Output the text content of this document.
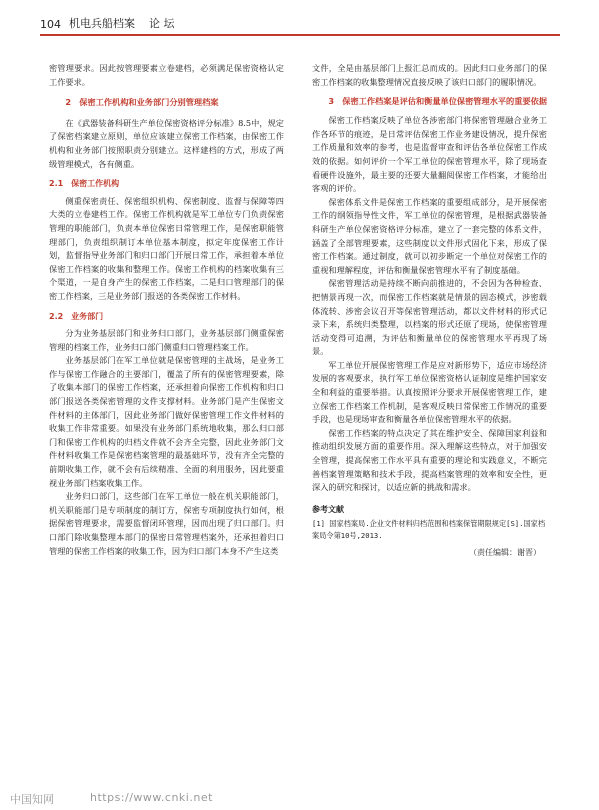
104 机电兵船档案 论 坛

密管理要求。因此按管理要素立卷建档，必须满足保密资格认定工作要求。

2　保密工作机构和业务部门分别管理档案

在《武器装备科研生产单位保密资格评分标准》8.5中，规定了保密档案建立原则，单位应该建立保密工作档案，由保密工作机构和业务部门按照职责分别建立。这样建档的方式，形成了两级管理模式，各有侧重。

2.1　保密工作机构

侧重保密责任、保密组织机构、保密制度、监督与保障等四大类的立卷建档工作。保密工作机构就是军工单位专门负责保密管理的职能部门，负责本单位保密日常管理工作，是保密职能管理部门，负责组织制订本单位基本制度，拟定年度保密工作计划，监督指导业务部门和归口部门开展日常工作，承担着本单位保密工作档案的收集和整理工作。保密工作机构的档案收集有三个渠道，一是自身产生的保密工作档案，二是归口管理部门的保密工作档案，三是业务部门报送的各类保密工作材料。

2.2　业务部门

分为业务基层部门和业务归口部门，业务基层部门侧重保密管理的档案工作，业务归口部门侧重归口管理档案工作。

业务基层部门在军工单位就是保密管理的主战场，是业务工作与保密工作融合的主要部门，覆盖了所有的保密管理要素，除了收集本部门的保密工作档案，还承担着向保密工作机构和归口部门报送各类保密管理的文件支撑材料。业务部门是产生保密文件材料的主体部门，因此业务部门做好保密管理工作文件材料的收集工作非常重要。如果没有业务部门系统地收集，那么归口部门和保密工作机构的归档文件就不会齐全完整，因此业务部门文件材料收集工作是保密档案管理的最基础环节，没有齐全完整的前期收集工作，就不会有后续精准、全面的利用服务，因此要重视业务部门档案收集工作。

业务归口部门，这些部门在军工单位一般在机关职能部门，机关职能部门是专项制度的制订方，保密专项制度执行如何，根据保密管理要求，需要监督闭环管理，因而出现了归口部门。归口部门除收集整理本部门的保密日常管理档案外，还承担着归口管理的保密工作档案的收集工作，因为归口部门本身不产生这类

文件，全是由基层部门上报汇总而成的。因此归口业务部门的保密工作档案的收集整理情况直接反映了该归口部门的履职情况。

3　保密工作档案是评估和衡量单位保密管理水平的重要依据

保密工作档案反映了单位各涉密部门将保密管理融合业务工作各环节的痕迹，是日常评估保密工作业务建设情况，提升保密工作质量和效率的参考，也是监督审查和评估各单位保密工作成效的依据。如何评价一个军工单位的保密管理水平，除了现场查看硬件设施外，最主要的还要大量翻阅保密工作档案，才能给出客观的评价。

保密体系文件是保密工作档案的重要组成部分，是开展保密工作的纲领指导性文件，军工单位的保密管理，是根据武器装备科研生产单位保密资格评分标准，建立了一套完整的体系文件，涵盖了全部管理要素，这些制度以文件形式固化下来，形成了保密工作档案。通过制度，就可以初步断定一个单位对保密工作的重视和理解程度，评估和衡量保密管理水平有了制度基础。

保密管理活动是持续不断向前推进的，不会因为各种检查、把情景再现一次，而保密工作档案就是情景的固态模式，涉密载体流转、涉密会议召开等保密管理活动，都以文件材料的形式记录下来，系统归类整理，以档案的形式还原了现场，使保密管理活动变得可追溯，为评估和衡量单位的保密管理水平再现了场景。

军工单位开展保密管理工作是应对新形势下，适应市场经济发展的客观要求，执行军工单位保密资格认证制度是维护国家安全和利益的重要举措。认真按照评分要求开展保密管理工作，建立保密工作档案工作机制，是客观反映日常保密工作情况的重要手段，也是现场审查和衡量各单位保密管理水平的依据。

保密工作档案的特点决定了其在维护安全、保障国家利益和推动组织发展方面的重要作用。深入理解这些特点，对于加强安全管理，提高保密工作水平具有重要的理论和实践意义，不断完善档案管理策略和技术手段，提高档案管理的效率和安全性，更深入的研究和探讨，以适应新的挑战和需求。

参考文献
[1] 国家档案局.企业文件材料归档范围和档案保管期限规定[S].国家档案局令第10号,2013.
（责任编辑：谢晋）
中国知网	https://www.cnki.net
